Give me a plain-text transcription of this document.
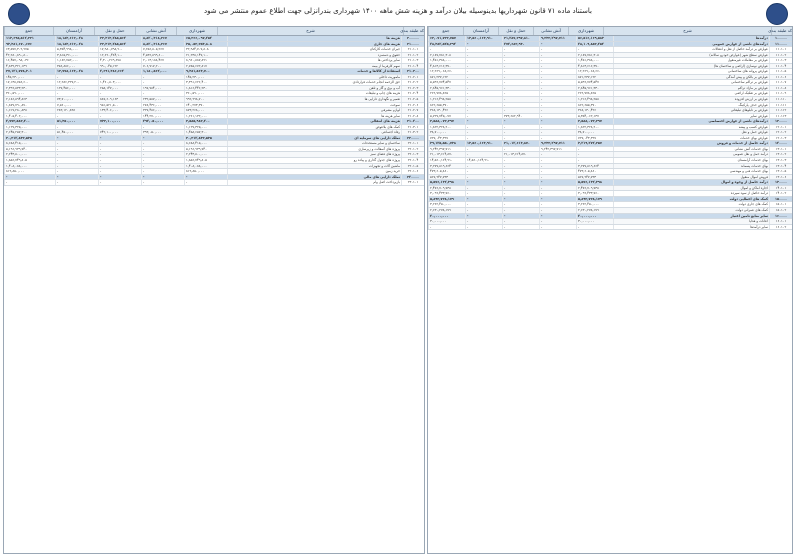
باستناد ماده ۷۱ قانون شهرداریها بدینوسیله بیلان درآمد و هزینه شش ماهه ۱۴۰۰ شهرداری بندرانزلی جهت اطلاع عموم منتشر می شود
کد طبقه بندی
شرح
شهرداری
آتش نشانی
حمل و نقل
آرامستان
جمع
۱۰۰۰۰۰
درآمدها
۵۶,۵۱۶,۱۶۹,۵۸۴
۹,۲۴۲,۳۹۷,۷۱۱
۲۱,۳۸۷,۲۹۷,۸۱۰
۱۴,۵۶۰,۱۶۴,۹۱۰
۶۲,۰۷۱,۷۲۲,۷۵۷
۱۱۰۰۰۰
درآمدهای ناشی از عوارض عمومی
۳۸,۱۰۹,۸۵۲,۳۵۳
-
۳۷۳,۶۸۲,۹۴۰
-
۳۸,۴۸۳,۵۳۵,۲۹۳
۱۱۰۱۰۱
عوارض بر درآمد حاصل از نقل و انتقالات
-
-
-
-
-
۱۱۰۱۰۲
عوارض سطح شهر (عوارض خودرو سالانه)
۲,۱۸۷,۷۸۱,۳۰۸
-
-
-
۲,۱۸۷,۷۸۱,۳۰۸
۱۱۰۱۰۳
عوارض بر معاملات غیرمنقول
۱,۴۵۱,۳۸۸,۰۰۰
-
-
-
۱,۴۵۱,۳۸۸,۰۰۰
۱۱۰۱۰۴
عوارض نوسازی (اراضی و ساختمان ها)
۴,۸۱۳,۶۱۶,۳۷۰
-
-
-
۴,۸۱۳,۶۱۶,۳۷۰
۱۱۰۱۰۵
عوارض پروانه های ساختمانی
۱۲,۲۶۹,۰۶۸,۶۶۰
-
-
-
۱۲,۲۶۹,۰۶۸,۶۶۰
۱۱۰۱۰۶
عوارض بر بالکن و پیش آمدگی
۸۷۱,۲۳۷,۱۲۲
-
-
-
۸۷۱,۲۳۷,۱۲۲
۱۱۰۱۰۷
عوارض بر تراکم ساختمانی
۵,۵۹۹,۷۷۴,۵۴۷
-
-
-
۵,۵۹۹,۷۷۴,۵۴۷
۱۱۰۱۰۸
عوارض بر مازاد تراکم
۲,۸۴۵,۹۶۱,۳۳۰
-
-
-
۲,۸۴۵,۹۶۱,۳۳۰
۱۱۰۱۰۹
عوارض بر تفکیک اراضی
۲۶۹,۷۷۸,۸۲۵
-
-
-
۲۶۹,۷۷۸,۸۲۵
۱۱۰۱۱۰
عوارض بر ارزش افزوده
۱,۲۱۶,۴۹۸,۲۵۸
-
-
-
۱,۲۱۶,۴۹۸,۲۵۸
۱۱۰۱۱۱
عوارض حذف پارکینگ
۸۶۲,۶۵۵,۳۷۰
-
-
-
۸۶۲,۶۵۵,۳۷۰
۱۱۰۱۱۲
عوارض بر تابلوهای تبلیغاتی
۳۶۸,۱۳۰,۴۲۶
-
-
-
۳۶۸,۱۳۰,۴۲۶
۱۱۰۱۱۳
عوارض سایر
۵,۳۵۴,۰۶۲,۱۳۷
-
۳۷۳,۶۸۲,۹۴۰
-
۵,۷۲۷,۷۴۵,۰۷۷
۱۲۰۰۰۰
درآمدهای ناشی از عوارض اختصاصی
۲,۵۸۸,۰۷۲,۲۹۷
-
-
-
۲,۵۸۸,۰۷۲,۲۹۷
۱۲۰۱۰۱
عوارض کسب و پیشه
۱,۸۲۲,۳۲۸,۹۰۰
-
-
-
۱,۸۲۲,۳۲۸,۹۰۰
۱۲۰۱۰۲
عوارض حمل و نقل
۳۸,۷۰۰,۰۰۰
-
-
-
۳۸,۷۰۰,۰۰۰
۱۲۰۱۰۳
عوارض بهای خدمات
۷۲۷,۰۴۳,۳۹۷
-
-
-
۷۲۷,۰۴۳,۳۹۷
۱۳۰۰۰۰
درآمد حاصل از خدمات و فروش
۴,۳۱۹,۳۷۳,۲۵۷
۹,۲۴۲,۳۹۷,۷۱۱
۲۱,۰۱۳,۶۱۴,۸۷۰
۱۴,۵۶۰,۱۶۴,۹۱۰
۴۹,۱۳۵,۵۵۰,۷۴۸
۱۳۰۱۰۱
بهای خدمات آتش نشانی
-
۹,۲۴۲,۳۹۷,۷۱۱
-
-
۹,۲۴۲,۳۹۷,۷۱۱
۱۳۰۱۰۲
درآمد حمل و نقل عمومی
-
-
۲۱,۰۱۳,۶۱۴,۸۷۰
-
۲۱,۰۱۳,۶۱۴,۸۷۰
۱۳۰۱۰۳
بهای خدمات آرامستان
-
-
-
۱۴,۵۶۰,۱۶۴,۹۱۰
۱۴,۵۶۰,۱۶۴,۹۱۰
۱۳۰۱۰۴
بهای خدمات پسماند
۳,۲۷۷,۸۱۹,۶۶۴
-
-
-
۳,۲۷۷,۸۱۹,۶۶۴
۱۳۰۱۰۵
بهای خدمات فنی و مهندسی
۴۷۳,۶۰۵,۸۶۰
-
-
-
۴۷۳,۶۰۵,۸۶۰
۱۳۰۱۰۶
فروش اموال منقول
۵۶۷,۹۴۷,۷۳۳
-
-
-
۵۶۷,۹۴۷,۷۳۳
۱۴۰۰۰۰
درآمد حاصل از وجوه و اموال
۵,۵۷۶,۱۴۳,۴۹۸
-
-
-
۵,۵۷۶,۱۴۳,۴۹۸
۱۴۰۱۰۱
اجاره اماکن و اموال
۲,۴۷۶,۷۰۹,۷۳۸
-
-
-
۲,۴۷۶,۷۰۹,۷۳۸
۱۴۰۱۰۲
درآمد حاصل از سود سپرده
۳,۰۹۹,۴۳۳,۷۶۰
-
-
-
۳,۰۹۹,۴۳۳,۷۶۰
۱۵۰۰۰۰
کمک های اعطایی دولت
۵,۸۹۲,۷۲۸,۱۷۹
-
-
-
۵,۸۹۲,۷۲۸,۱۷۹
۱۵۰۱۰۱
کمک های جاری دولت
۳,۲۶۲,۴۵۰,۰۰۰
-
-
-
۳,۲۶۲,۴۵۰,۰۰۰
۱۵۰۱۰۲
کمک های عمرانی دولت
۲,۶۳۰,۲۷۸,۱۷۹
-
-
-
۲,۶۳۰,۲۷۸,۱۷۹
۱۶۰۰۰۰
سایر منابع تامین اعتبار
۳۰,۰۰۰,۰۰۰
-
-
-
۳۰,۰۰۰,۰۰۰
۱۶۰۱۰۱
اعانات و هدایا
۳۰,۰۰۰,۰۰۰
-
-
-
۳۰,۰۰۰,۰۰۰
۱۶۰۱۰۲
سایر درآمدها
-
-
-
-
-
کد طبقه بندی
شرح
شهرداری
آتش نشانی
حمل و نقل
آرامستان
جمع
۲۰۰۰۰۰
هزینه ها
۶۵,۲۶۶,۰۹۷,۳۵۳
۸,۸۳۰,۴۱۸,۲۶۷
۲۲,۴۱۴,۳۸۵,۵۶۳
۱۸,۱۸۴,۶۱۲,۰۳۸
۱۱۴,۶۹۵,۵۱۳,۲۲۱
۲۱۰۰۰۰
هزینه های جاری
۴۵,۰۵۲,۲۵۴,۸۰۸
۸,۸۳۰,۴۱۸,۲۶۷
۲۲,۴۱۴,۳۸۵,۵۶۳
۱۸,۱۸۴,۶۱۲,۰۳۸
۹۴,۴۸۱,۶۷۰,۶۷۶
۲۱۰۱۰۱
جبران خدمات کارکنان
۳۲,۹۸۴,۷۰۷,۸۰۸
۷,۲۵۶,۸۰۵,۲۶۷
۱۷,۹۸۰,۷۹۸,۹۰۰
۵,۳۵۴,۹۹۸,۰۰۰
۶۳,۵۷۷,۳۰۹,۹۷۵
۲۱۰۱۰۲
حقوق و دستمزد
۲۱,۲۳۸,۱۴۷,۱۰۰
۴,۵۳۶,۸۹۹,۶۰۰
۱۲,۶۹۰,۴۸۴,۱۰۰
۳,۸۱۵,۳۶۰,۰۰۰
۴۲,۲۸۰,۸۹۰,۸۰۰
۲۱۰۱۰۳
سایر پرداختی ها
۸,۹۶۰,۸۸۷,۸۹۱
۲,۰۱۳,۱۸۸,۴۶۷
۴,۳۰۰,۲۶۹,۶۷۸
۱,۱۸۲,۷۵۲,۰۰۰
۱۶,۴۵۷,۰۹۸,۰۳۶
۲۱۰۱۰۴
سهم کارفرما از بیمه
۲,۷۸۵,۶۷۲,۸۱۷
۷۰۶,۷۱۷,۲۰۰
۹۹۰,۰۴۵,۱۲۲
۳۵۶,۸۸۶,۰۰۰
۴,۸۳۹,۳۲۱,۱۳۹
۲۱۰۲۰۰
استفاده از کالاها و خدمات
۹,۴۸۱,۵۶۴,۷۰۰
۱,۱۸۰,۵۶۳,۰۰۰
۳,۶۹۱,۴۸۶,۶۶۳
۱۲,۷۷۸,۱۶۴,۰۳۸
۲۷,۱۳۱,۷۷۸,۴۰۱
۲۱۰۲۰۱
ماموریت داخلی
۱۴۵,۲۳۰,۰۰۰
-
-
-
۱۴۵,۲۳۰,۰۰۰
۲۱۰۲۰۲
حق الزحمه انجام خدمات قراردادی
۳,۳۹۱,۶۲۶,۴۰۰
-
۱,۴۶۰,۸۰۳,۰۰۰
۱۲,۲۸۶,۳۲۷,۲۰۰
۱۷,۱۳۸,۷۵۶,۶۰۰
۲۱۰۲۰۳
آب و برق و گاز و تلفن
۱,۸۱۶,۴۴۶,۲۳۰
۱۹۷,۷۸۴,۰۰۰
۲۵۸,۱۴۷,۰۰۰
۱۲۷,۴۵۶,۰۰۰
۲,۳۹۹,۸۳۳,۲۳۰
۲۱۰۲۰۴
هزینه های چاپ و تبلیغات
۳۶۰,۵۹۰,۰۰۰
-
-
-
۳۶۰,۵۹۰,۰۰۰
۲۱۰۲۰۵
تعمیر و نگهداری دارایی ها
۹۹۲,۹۹۸,۷۰۰
۲۳۲,۵۸۷,۰۰۰
۸۸۷,۶۰۹,۱۶۳
۷۳,۷۰۰,۰۰۰
۲,۱۸۶,۸۹۴,۸۶۳
۲۱۰۲۰۶
سوخت
۶۴۰,۲۷۳,۳۷۰
۲۷۸,۴۳۶,۰۰۰
۹۵۱,۵۲۱,۵۰۰
۷,۵۶۰,۰۰۰
۱,۸۷۷,۷۹۰,۸۷۰
۲۱۰۲۰۷
لوازم مصرفی
۸۷۳,۲۶۸,۰۰۰
۳۲۷,۴۸۶,۰۰۰
۱۳۳,۴۰۶,۰۰۰
۲۸۳,۱۲۰,۸۳۸
۱,۶۱۷,۲۸۰,۸۳۸
۲۱۰۲۰۸
سایر هزینه ها
۱,۲۶۱,۱۳۲,۰۰۰
۱۴۴,۲۷۰,۰۰۰
-
-
۱,۴۰۵,۴۰۲,۰۰۰
۲۱۰۳۰۰
هزینه های انتقالی
۲,۵۸۵,۹۸۲,۳۰۰
۳۹۳,۰۵۰,۰۰۰
۷۴۲,۱۰۰,۰۰۰
۵۱,۴۵۰,۰۰۰
۳,۷۷۲,۵۸۲,۳۰۰
۲۱۰۳۰۱
کمک های بلاعوض
۱,۱۲۷,۳۲۵,۰۰۰
-
-
-
۱,۱۲۷,۳۲۵,۰۰۰
۲۱۰۳۰۲
رفاه اجتماعی
۱,۴۵۸,۶۵۷,۳۰۰
۳۹۳,۰۵۰,۰۰۰
۷۴۲,۱۰۰,۰۰۰
۵۱,۴۵۰,۰۰۰
۲,۶۴۵,۲۵۷,۳۰۰
۲۲۰۰۰۰
تملک دارایی های سرمایه ای
۲۰,۲۱۳,۸۴۲,۵۴۵
-
-
-
۲۰,۲۱۳,۸۴۲,۵۴۵
۲۲۰۱۰۱
ساختمان و سایر مستحدثات
۸,۶۸۸,۴۱۵,۰۰۰
-
-
-
۸,۶۸۸,۴۱۵,۰۰۰
۲۲۰۱۰۲
پروژه های آسفالت و زیرسازی
۵,۱۹۶,۹۳۹,۷۴۰
-
-
-
۵,۱۹۶,۹۳۹,۷۴۰
۲۲۰۱۰۳
پروژه های فضای سبز
۲,۲۴۳,۸۰۰,۰۰۰
-
-
-
۲,۲۴۳,۸۰۰,۰۰۰
۲۲۰۱۰۴
پروژه های جدول گذاری و پیاده رو
۱,۸۵۶,۷۴۹,۸۰۵
-
-
-
۱,۸۵۶,۷۴۹,۸۰۵
۲۲۰۱۰۵
ماشین آلات و تجهیزات
۱,۴۰۸,۰۸۸,۰۰۰
-
-
-
۱,۴۰۸,۰۸۸,۰۰۰
۲۲۰۱۰۶
خرید زمین
۸۱۹,۸۵۰,۰۰۰
-
-
-
۸۱۹,۸۵۰,۰۰۰
۲۳۰۰۰۰
تملک دارایی های مالی
-
-
-
-
-
۲۳۰۱۰۱
بازپرداخت اصل وام
-
-
-
-
-
